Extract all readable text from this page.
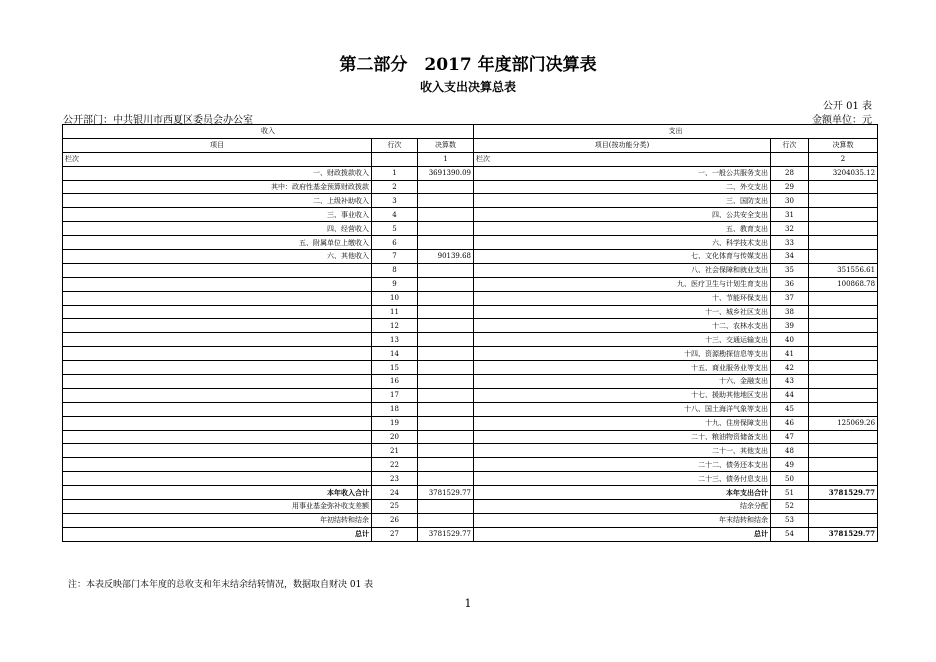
第二部分　2017 年度部门决算表
收入支出决算总表
公开 01 表
公开部门：中共银川市西夏区委员会办公室	金额单位：元
收入			支出		
项目	行次	决算数	项目(按功能分类)	行次	决算数
栏次		1	栏次		2
一、财政拨款收入	1	3691390.09	一、一般公共服务支出	28	3204035.12
其中：政府性基金预算财政拨款	2		二、外交支出	29	
二、上级补助收入	3		三、国防支出	30	
三、事业收入	4		四、公共安全支出	31	
四、经营收入	5		五、教育支出	32	
五、附属单位上缴收入	6		六、科学技术支出	33	
六、其他收入	7	90139.68	七、文化体育与传媒支出	34	
	8		八、社会保障和就业支出	35	351556.61
	9		九、医疗卫生与计划生育支出	36	100868.78
	10		十、节能环保支出	37	
	11		十一、城乡社区支出	38	
	12		十二、农林水支出	39	
	13		十三、交通运输支出	40	
	14		十四、资源勘探信息等支出	41	
	15		十五、商业服务业等支出	42	
	16		十六、金融支出	43	
	17		十七、援助其他地区支出	44	
	18		十八、国土海洋气象等支出	45	
	19		十九、住房保障支出	46	125069.26
	20		二十、粮油物资储备支出	47	
	21		二十一、其他支出	48	
	22		二十二、债务还本支出	49	
	23		二十三、债务付息支出	50	
本年收入合计	24	3781529.77	本年支出合计	51	3781529.77
用事业基金弥补收支差额	25		结余分配	52	
年初结转和结余	26		年末结转和结余	53	
总计	27	3781529.77	总计	54	3781529.77
注：本表反映部门本年度的总收支和年末结余结转情况，数据取自财决 01 表
1
